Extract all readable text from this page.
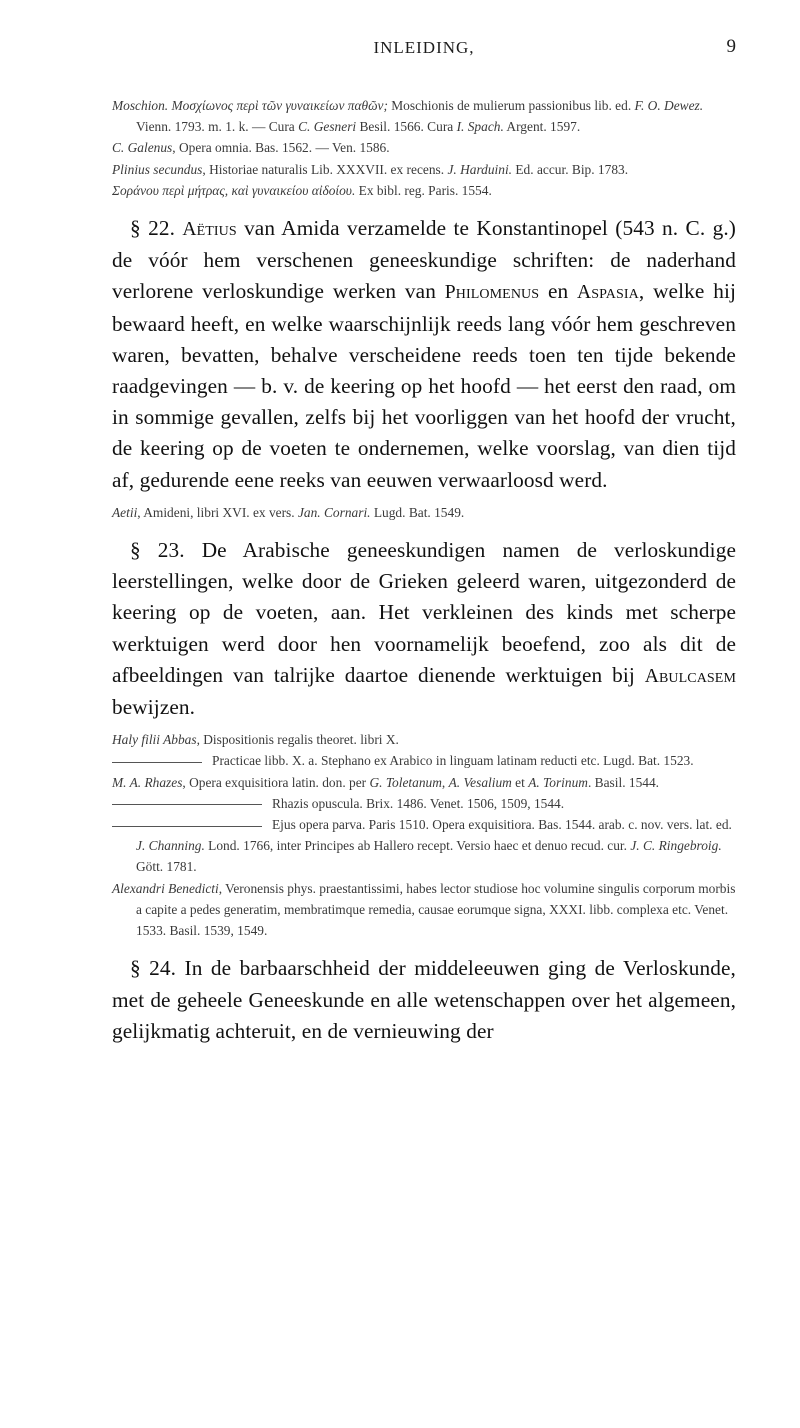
INLEIDING,	9
Moschion. Μοσχίωνος περὶ τῶν γυναικείων παθῶν; Moschionis de mulierum passionibus lib. ed. F. O. Dewez. Vienn. 1793. m. 1. k. — Cura C. Gesneri Besil. 1566. Cura I. Spach. Argent. 1597.
C. Galenus, Opera omnia. Bas. 1562. — Ven. 1586.
Plinius secundus, Historiae naturalis Lib. XXXVII. ex recens. J. Harduini. Ed. accur. Bip. 1783.
Σοράνου περὶ μήτρας, καὶ γυναικείου αἰδοίου. Ex bibl. reg. Paris. 1554.

§ 22. Aëtius van Amida verzamelde te Konstantinopel (543 n. C. g.) de vóór hem verschenen geneeskundige schriften: de naderhand verlorene verloskundige werken van Philomenus en Aspasia, welke hij bewaard heeft, en welke waarschijnlijk reeds lang vóór hem geschreven waren, bevatten, behalve verscheidene reeds toen ten tijde bekende raadgevingen — b. v. de keering op het hoofd — het eerst den raad, om in sommige gevallen, zelfs bij het voorliggen van het hoofd der vrucht, de keering op de voeten te ondernemen, welke voorslag, van dien tijd af, gedurende eene reeks van eeuwen verwaarloosd werd.

Aetii, Amideni, libri XVI. ex vers. Jan. Cornari. Lugd. Bat. 1549.

§ 23. De Arabische geneeskundigen namen de verloskundige leerstellingen, welke door de Grieken geleerd waren, uitgezonderd de keering op de voeten, aan. Het verkleinen des kinds met scherpe werktuigen werd door hen voornamelijk beoefend, zoo als dit de afbeeldingen van talrijke daartoe dienende werktuigen bij Abulcasem bewijzen.

Haly filii Abbas, Dispositionis regalis theoret. libri X.
Practicae libb. X. a. Stephano ex Arabico in linguam latinam reducti etc. Lugd. Bat. 1523.
M. A. Rhazes, Opera exquisitiora latin. don. per G. Toletanum, A. Vesalium et A. Torinum. Basil. 1544.
Rhazis opuscula. Brix. 1486. Venet. 1506, 1509, 1544.
Ejus opera parva. Paris 1510. Opera exquisitiora. Bas. 1544. arab. c. nov. vers. lat. ed. J. Channing. Lond. 1766, inter Principes ab Hallero recept. Versio haec et denuo recud. cur. J. C. Ringebroig. Gött. 1781.
Alexandri Benedicti, Veronensis phys. praestantissimi, habes lector studiose hoc volumine singulis corporum morbis a capite a pedes generatim, membratimque remedia, causae eorumque signa, XXXI. libb. complexa etc. Venet. 1533. Basil. 1539, 1549.

§ 24. In de barbaarschheid der middeleeuwen ging de Verloskunde, met de geheele Geneeskunde en alle wetenschappen over het algemeen, gelijkmatig achteruit, en de vernieuwing der
